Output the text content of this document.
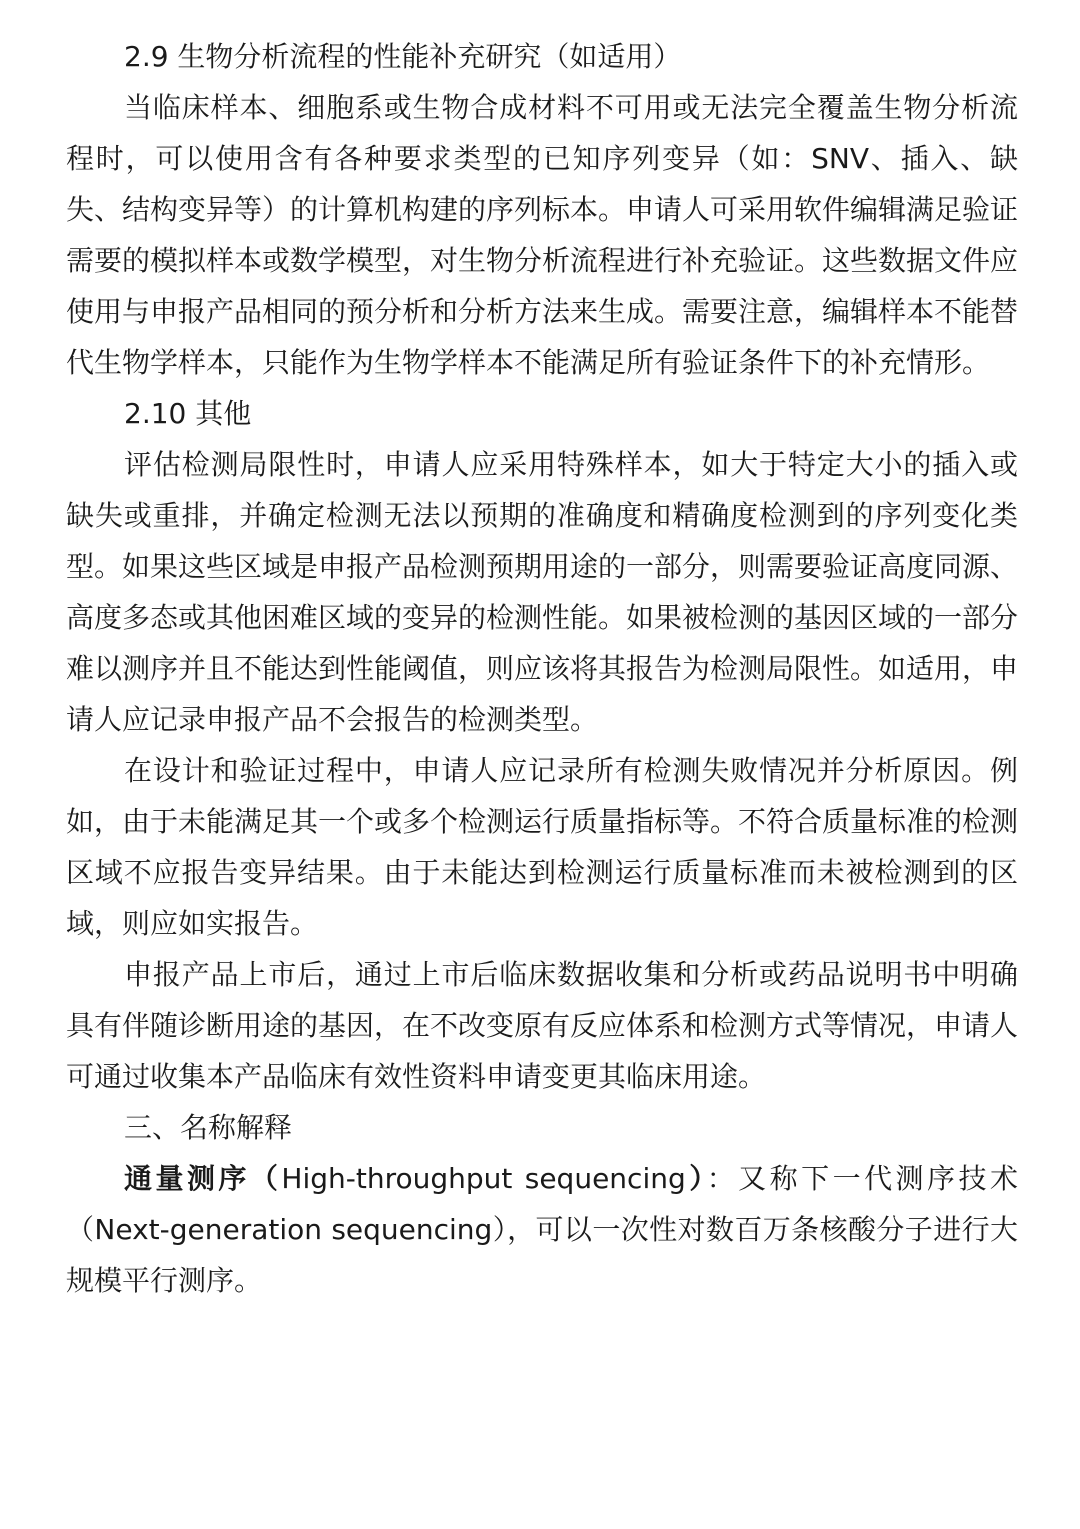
2.9 生物分析流程的性能补充研究（如适用）

当临床样本、细胞系或生物合成材料不可用或无法完全覆盖生物分析流程时，可以使用含有各种要求类型的已知序列变异（如：SNV、插入、缺失、结构变异等）的计算机构建的序列标本。申请人可采用软件编辑满足验证需要的模拟样本或数学模型，对生物分析流程进行补充验证。这些数据文件应使用与申报产品相同的预分析和分析方法来生成。需要注意，编辑样本不能替代生物学样本，只能作为生物学样本不能满足所有验证条件下的补充情形。

2.10 其他

评估检测局限性时，申请人应采用特殊样本，如大于特定大小的插入或缺失或重排，并确定检测无法以预期的准确度和精确度检测到的序列变化类型。如果这些区域是申报产品检测预期用途的一部分，则需要验证高度同源、高度多态或其他困难区域的变异的检测性能。如果被检测的基因区域的一部分难以测序并且不能达到性能阈值，则应该将其报告为检测局限性。如适用，申请人应记录申报产品不会报告的检测类型。

在设计和验证过程中，申请人应记录所有检测失败情况并分析原因。例如，由于未能满足其一个或多个检测运行质量指标等。不符合质量标准的检测区域不应报告变异结果。由于未能达到检测运行质量标准而未被检测到的区域，则应如实报告。

申报产品上市后，通过上市后临床数据收集和分析或药品说明书中明确具有伴随诊断用途的基因，在不改变原有反应体系和检测方式等情况，申请人可通过收集本产品临床有效性资料申请变更其临床用途。

三、名称解释

通量测序（High-throughput sequencing）：又称下一代测序技术（Next-generation sequencing），可以一次性对数百万条核酸分子进行大规模平行测序。
